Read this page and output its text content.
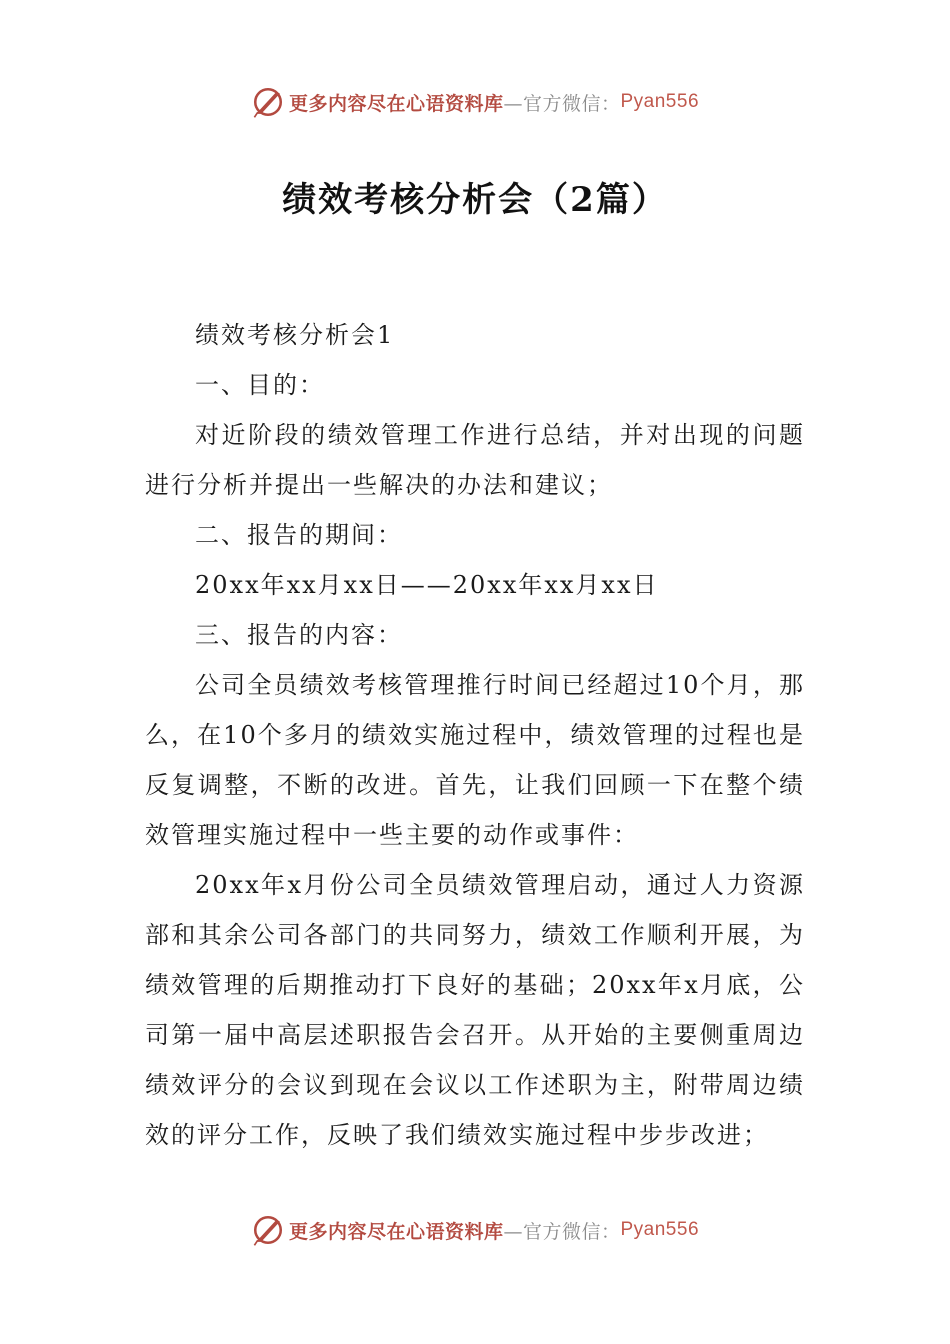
更多内容尽在心语资料库 —官方微信： Pyan556
绩效考核分析会（2篇）

绩效考核分析会1

一、目的：

对近阶段的绩效管理工作进行总结，并对出现的问题进行分析并提出一些解决的办法和建议；

二、报告的期间：

20xx年xx月xx日——20xx年xx月xx日

三、报告的内容：

公司全员绩效考核管理推行时间已经超过10个月，那么，在10个多月的绩效实施过程中，绩效管理的过程也是反复调整，不断的改进。首先，让我们回顾一下在整个绩效管理实施过程中一些主要的动作或事件：

20xx年x月份公司全员绩效管理启动，通过人力资源部和其余公司各部门的共同努力，绩效工作顺利开展，为绩效管理的后期推动打下良好的基础；20xx年x月底，公司第一届中高层述职报告会召开。从开始的主要侧重周边绩效评分的会议到现在会议以工作述职为主，附带周边绩效的评分工作，反映了我们绩效实施过程中步步改进；

更多内容尽在心语资料库 —官方微信： Pyan556
